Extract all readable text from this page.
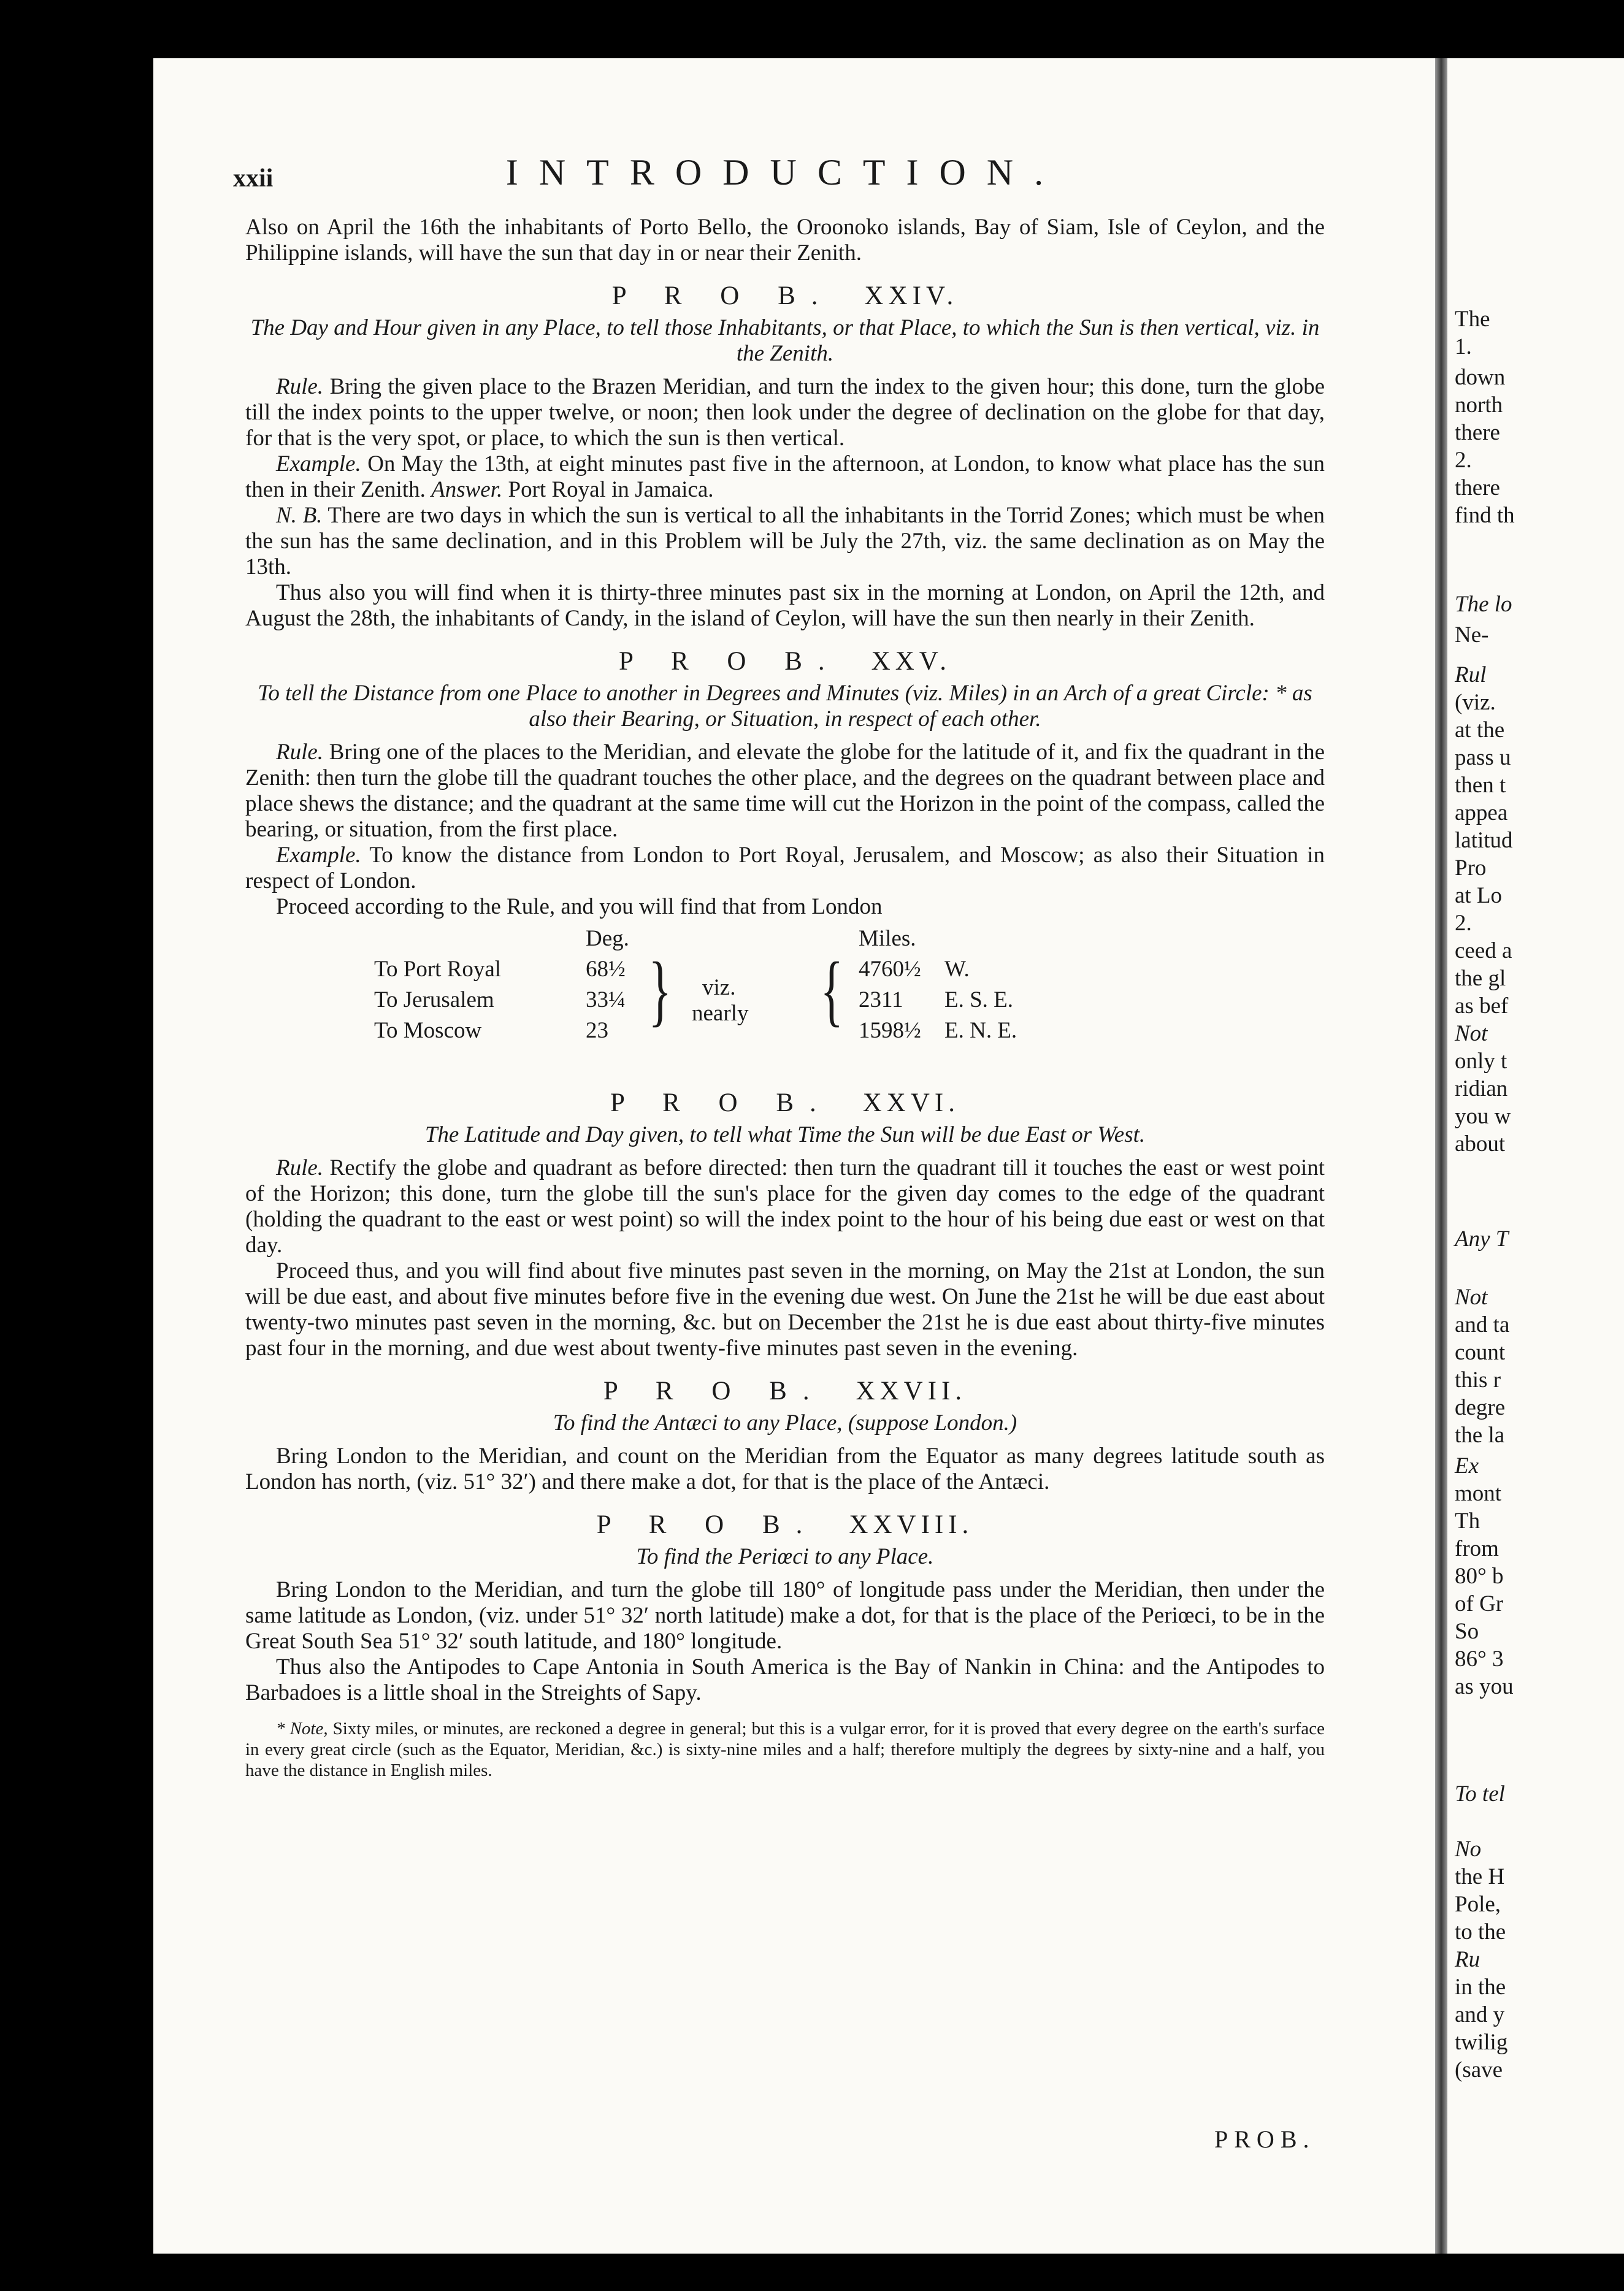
xxii	INTRODUCTION.

Also on April the 16th the inhabitants of Porto Bello, the Oroonoko islands, Bay of Siam, Isle of Ceylon, and the Philippine islands, will have the sun that day in or near their Zenith.

P R O B. XXIV.
The Day and Hour given in any Place, to tell those Inhabitants, or that Place, to which the Sun is then vertical, viz. in the Zenith.

Rule. Bring the given place to the Brazen Meridian, and turn the index to the given hour; this done, turn the globe till the index points to the upper twelve, or noon; then look under the degree of declination on the globe for that day, for that is the very spot, or place, to which the sun is then vertical.

Example. On May the 13th, at eight minutes past five in the afternoon, at London, to know what place has the sun then in their Zenith. Answer. Port Royal in Jamaica.

N. B. There are two days in which the sun is vertical to all the inhabitants in the Torrid Zones; which must be when the sun has the same declination, and in this Problem will be July the 27th, viz. the same declination as on May the 13th.

Thus also you will find when it is thirty-three minutes past six in the morning at London, on April the 12th, and August the 28th, the inhabitants of Candy, in the island of Ceylon, will have the sun then nearly in their Zenith.

P R O B. XXV.
To tell the Distance from one Place to another in Degrees and Minutes (viz. Miles) in an Arch of a great Circle: * as also their Bearing, or Situation, in respect of each other.

Rule. Bring one of the places to the Meridian, and elevate the globe for the latitude of it, and fix the quadrant in the Zenith: then turn the globe till the quadrant touches the other place, and the degrees on the quadrant between place and place shews the distance; and the quadrant at the same time will cut the Horizon in the point of the compass, called the bearing, or situation, from the first place.

Example. To know the distance from London to Port Royal, Jerusalem, and Moscow; as also their Situation in respect of London.

Proceed according to the Rule, and you will find that from London

Deg.	Miles.
To Port Royal	68½	4760½ W.
To Jerusalem	33¼	2311 E. S. E.
To Moscow	23	1598½ E. N. E.
} viz.
nearly {
P R O B. XXVI.
The Latitude and Day given, to tell what Time the Sun will be due East or West.

Rule. Rectify the globe and quadrant as before directed: then turn the quadrant till it touches the east or west point of the Horizon; this done, turn the globe till the sun's place for the given day comes to the edge of the quadrant (holding the quadrant to the east or west point) so will the index point to the hour of his being due east or west on that day.

Proceed thus, and you will find about five minutes past seven in the morning, on May the 21st at London, the sun will be due east, and about five minutes before five in the evening due west. On June the 21st he will be due east about twenty-two minutes past seven in the morning, &c. but on December the 21st he is due east about thirty-five minutes past four in the morning, and due west about twenty-five minutes past seven in the evening.

P R O B. XXVII.
To find the Antæci to any Place, (suppose London.)

Bring London to the Meridian, and count on the Meridian from the Equator as many degrees latitude south as London has north, (viz. 51° 32′) and there make a dot, for that is the place of the Antæci.

P R O B. XXVIII.
To find the Periœci to any Place.

Bring London to the Meridian, and turn the globe till 180° of longitude pass under the Meridian, then under the same latitude as London, (viz. under 51° 32′ north latitude) make a dot, for that is the place of the Periœci, to be in the Great South Sea 51° 32′ south latitude, and 180° longitude.

Thus also the Antipodes to Cape Antonia in South America is the Bay of Nankin in China: and the Antipodes to Barbadoes is a little shoal in the Streights of Sapy.

* Note, Sixty miles, or minutes, are reckoned a degree in general; but this is a vulgar error, for it is proved that every degree on the earth's surface in every great circle (such as the Equator, Meridian, &c.) is sixty-nine miles and a half; therefore multiply the degrees by sixty-nine and a half, you have the distance in English miles.

PROB.
The
1.
down
north
there
2.
there
find th
The lo
Ne-
Rul
(viz.
at the
pass u
then t
appea
latitud
Pro
at Lo
2.
ceed a
the gl
as bef
Not
only t
ridian
you w
about
Any T
Not
and ta
count
this r
degre
the la
Ex
mont
Th
from
80° b
of Gr
So
86° 3
as you
To tel
No
the H
Pole,
to the
Ru
in the
and y
twilig
(save
